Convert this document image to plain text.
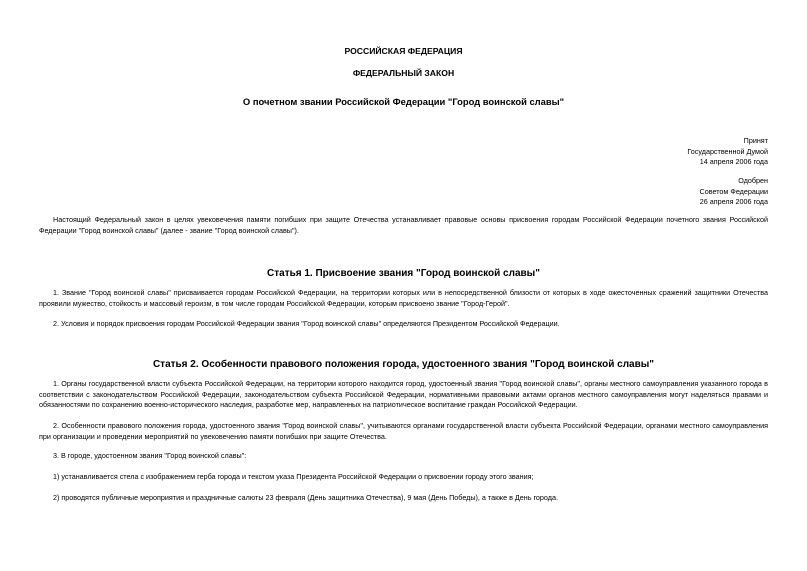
РОССИЙСКАЯ ФЕДЕРАЦИЯ
ФЕДЕРАЛЬНЫЙ ЗАКОН
О почетном звании Российской Федерации "Город воинской славы"
Принят
Государственной Думой
14 апреля 2006 года
Одобрен
Советом Федерации
26 апреля 2006 года

Настоящий Федеральный закон в целях увековечения памяти погибших при защите Отечества устанавливает правовые основы присвоения городам Российской Федерации почетного звания Российской Федерации "Город воинской славы" (далее - звание "Город воинской славы").

Статья 1. Присвоение звания "Город воинской славы"

1. Звание "Город воинской славы" присваивается городам Российской Федерации, на территории которых или в непосредственной близости от которых в ходе ожесточенных сражений защитники Отечества проявили мужество, стойкость и массовый героизм, в том числе городам Российской Федерации, которым присвоено звание "Город-Герой".

2. Условия и порядок присвоения городам Российской Федерации звания "Город воинской славы" определяются Президентом Российской Федерации.

Статья 2. Особенности правового положения города, удостоенного звания "Город воинской славы"

1. Органы государственной власти субъекта Российской Федерации, на территории которого находится город, удостоенный звания "Город воинской славы", органы местного самоуправления указанного города в соответствии с законодательством Российской Федерации, законодательством субъекта Российской Федерации, нормативными правовыми актами органов местного самоуправления могут наделяться правами и обязанностями по сохранению военно-исторического наследия, разработке мер, направленных на патриотическое воспитание граждан Российской Федерации.

2. Особенности правового положения города, удостоенного звания "Город воинской славы", учитываются органами государственной власти субъекта Российской Федерации, органами местного самоуправления при организации и проведении мероприятий по увековечению памяти погибших при защите Отечества.

3. В городе, удостоенном звания "Город воинской славы":

1) устанавливается стела с изображением герба города и текстом указа Президента Российской Федерации о присвоении городу этого звания;

2) проводятся публичные мероприятия и праздничные салюты 23 февраля (День защитника Отечества), 9 мая (День Победы), а также в День города.
